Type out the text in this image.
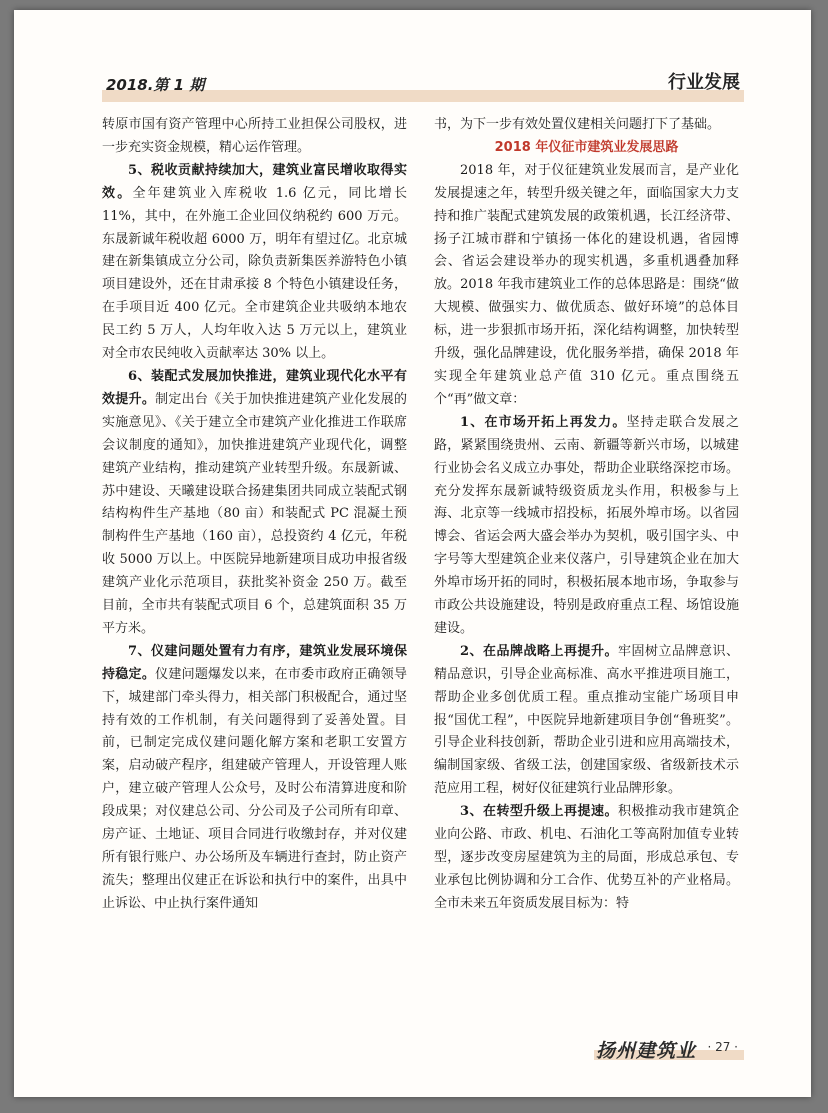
2018.第 1 期	行业发展

转原市国有资产管理中心所持工业担保公司股权，进一步充实资金规模，精心运作管理。

5、税收贡献持续加大，建筑业富民增收取得实效。全年建筑业入库税收 1.6 亿元，同比增长 11%，其中，在外施工企业回仪纳税约 600 万元。东晟新诚年税收超 6000 万，明年有望过亿。北京城建在新集镇成立分公司，除负责新集医养游特色小镇项目建设外，还在甘肃承接 8 个特色小镇建设任务，在手项目近 400 亿元。全市建筑企业共吸纳本地农民工约 5 万人，人均年收入达 5 万元以上，建筑业对全市农民纯收入贡献率达 30% 以上。

6、装配式发展加快推进，建筑业现代化水平有效提升。制定出台《关于加快推进建筑产业化发展的实施意见》、《关于建立全市建筑产业化推进工作联席会议制度的通知》，加快推进建筑产业现代化，调整建筑产业结构，推动建筑产业转型升级。东晟新诚、苏中建设、天曦建设联合扬建集团共同成立装配式钢结构构件生产基地（80 亩）和装配式 PC 混凝土预制构件生产基地（160 亩），总投资约 4 亿元，年税收 5000 万以上。中医院异地新建项目成功申报省级建筑产业化示范项目，获批奖补资金 250 万。截至目前，全市共有装配式项目 6 个，总建筑面积 35 万平方米。

7、仪建问题处置有力有序，建筑业发展环境保持稳定。仪建问题爆发以来，在市委市政府正确领导下，城建部门牵头得力，相关部门积极配合，通过坚持有效的工作机制，有关问题得到了妥善处置。目前，已制定完成仪建问题化解方案和老职工安置方案，启动破产程序，组建破产管理人，开设管理人账户，建立破产管理人公众号，及时公布清算进度和阶段成果；对仪建总公司、分公司及子公司所有印章、房产证、土地证、项目合同进行收缴封存，并对仪建所有银行账户、办公场所及车辆进行查封，防止资产流失；整理出仪建正在诉讼和执行中的案件，出具中止诉讼、中止执行案件通知

书，为下一步有效处置仪建相关问题打下了基础。

2018 年仪征市建筑业发展思路

2018 年，对于仪征建筑业发展而言，是产业化发展提速之年，转型升级关键之年，面临国家大力支持和推广装配式建筑发展的政策机遇，长江经济带、扬子江城市群和宁镇扬一体化的建设机遇，省园博会、省运会建设举办的现实机遇，多重机遇叠加释放。2018 年我市建筑业工作的总体思路是：围绕“做大规模、做强实力、做优质态、做好环境”的总体目标，进一步狠抓市场开拓，深化结构调整，加快转型升级，强化品牌建设，优化服务举措，确保 2018 年实现全年建筑业总产值 310 亿元。重点围绕五个“再”做文章：

1、在市场开拓上再发力。坚持走联合发展之路，紧紧围绕贵州、云南、新疆等新兴市场，以城建行业协会名义成立办事处，帮助企业联络深挖市场。充分发挥东晟新诚特级资质龙头作用，积极参与上海、北京等一线城市招投标，拓展外埠市场。以省园博会、省运会两大盛会举办为契机，吸引国字头、中字号等大型建筑企业来仪落户，引导建筑企业在加大外埠市场开拓的同时，积极拓展本地市场，争取参与市政公共设施建设，特别是政府重点工程、场馆设施建设。

2、在品牌战略上再提升。牢固树立品牌意识、精品意识，引导企业高标准、高水平推进项目施工，帮助企业多创优质工程。重点推动宝能广场项目申报“国优工程”，中医院异地新建项目争创“鲁班奖”。引导企业科技创新，帮助企业引进和应用高端技术，编制国家级、省级工法，创建国家级、省级新技术示范应用工程，树好仪征建筑行业品牌形象。

3、在转型升级上再提速。积极推动我市建筑企业向公路、市政、机电、石油化工等高附加值专业转型，逐步改变房屋建筑为主的局面，形成总承包、专业承包比例协调和分工合作、优势互补的产业格局。全市未来五年资质发展目标为：特

扬州建筑业 · 27 ·
